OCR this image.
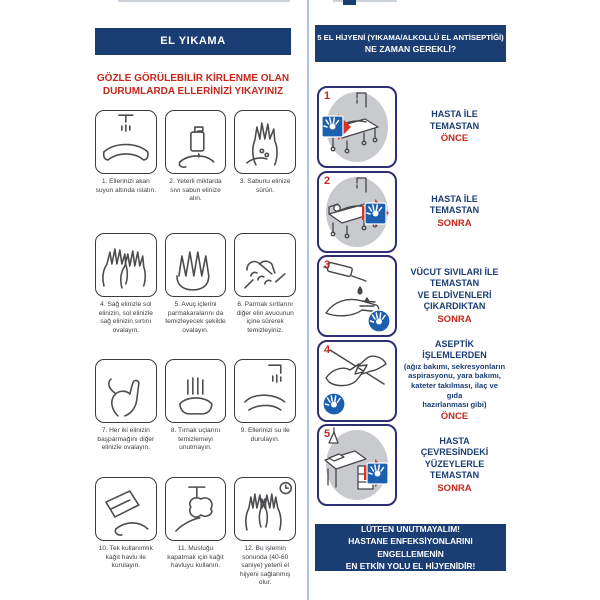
EL YIKAMA
GÖZLE GÖRÜLEBİLİR KİRLENME OLAN
DURUMLARDA ELLERİNİZİ YIKAYINIZ
1. Ellerinizi akan suyun altında ıslatın.
2. Yeterli miktarda sıvı sabun elinize alın.
3. Sabunu elinize sürün.
4. Sağ elinizle sol elinizin, sol elinizle sağ elinizin sırtını ovalayın.
5. Avuç içlerini parmakaralarını da temizleyecek şekilde ovalayın.
6. Parmak sırtlarını diğer elin avucunun içine sürerek temizleyiniz.
7. Her iki elinizin başparmağını diğer elinizle ovalayın.
8. Tırnak uçlarını temizlemeyi unutmayın.
9. Ellerinizi su ile durulayın.
10. Tek kullanımlık kağıt havlu ile kurulayın.
11. Musluğu kapatmak için kağıt havluyu kullanın.
12. Bu işlemin sonunda (40-60 saniye) yeterli el hijyeni sağlanmış olur.
5 EL HİJYENİ (YIKAMA/ALKOLLÜ EL ANTİSEPTİĞİ)
NE ZAMAN GEREKLİ?
1
HASTA İLE
TEMASTAN
ÖNCE
2
HASTA İLE
TEMASTAN
SONRA
3
VÜCUT SIVILARI İLE
TEMASTAN
VE ELDİVENLERİ
ÇIKARDIKTAN
SONRA
4	ASEPTİK İŞLEMLERDEN
(ağız bakımı, sekresyonların
aspirasyonu, yara bakımı,
kateter takılması, ilaç ve gıda
hazırlanması gibi)
ÖNCE
5
HASTA
ÇEVRESİNDEKİ
YÜZEYLERLE
TEMASTAN
SONRA
LÜTFEN UNUTMAYALIM!
HASTANE ENFEKSİYONLARINI ENGELLEMENİN
EN ETKİN YOLU EL HİJYENİDİR!
